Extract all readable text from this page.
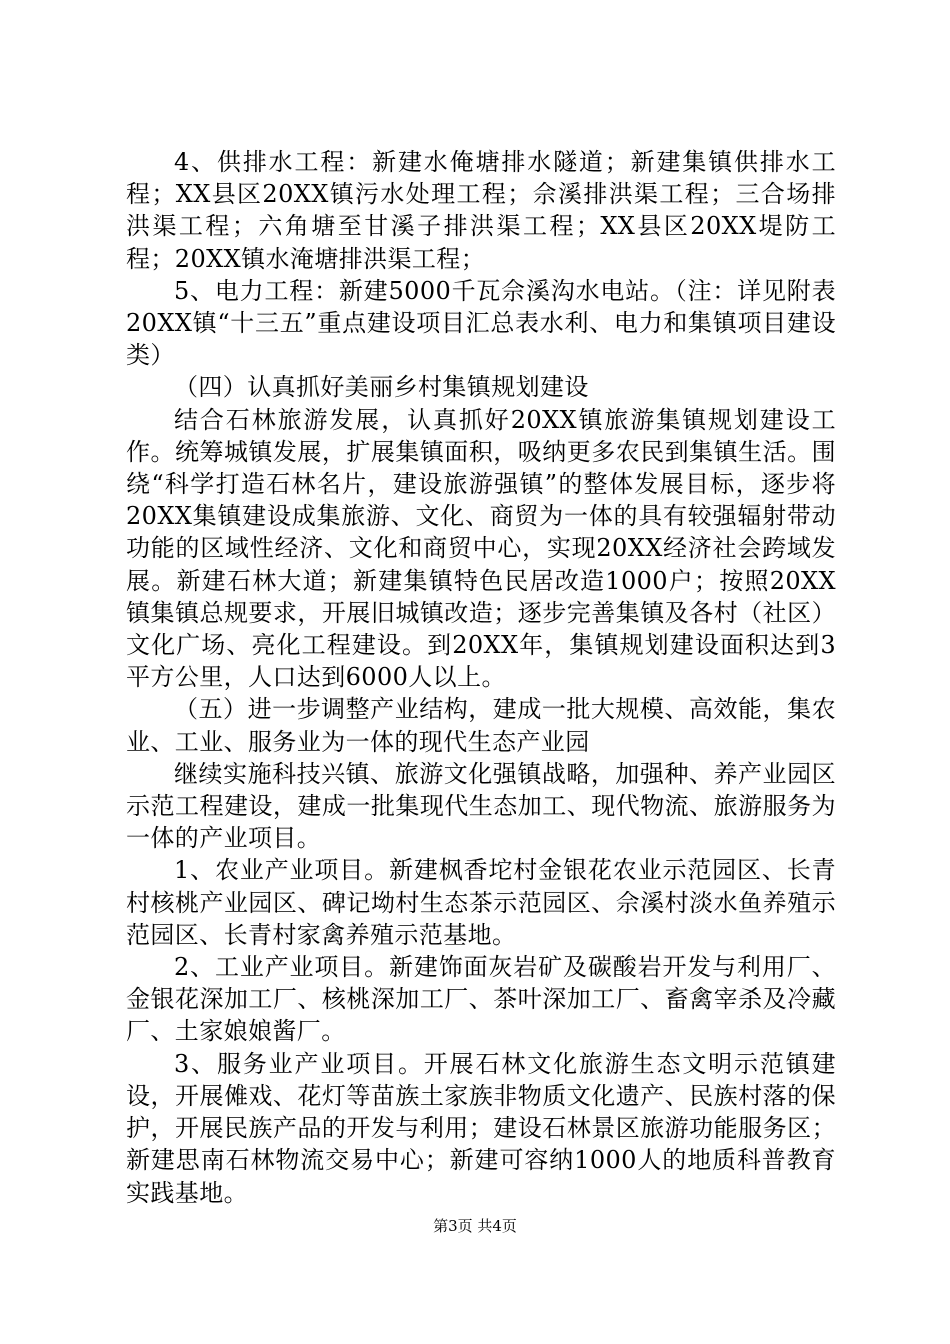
4、供排水工程：新建水俺塘排水隧道；新建集镇供排水工程；XX县区20XX镇污水处理工程；佘溪排洪渠工程；三合场排洪渠工程；六角塘至甘溪子排洪渠工程；XX县区20XX堤防工程；20XX镇水淹塘排洪渠工程；

5、电力工程：新建5000千瓦佘溪沟水电站。（注：详见附表20XX镇“十三五”重点建设项目汇总表水利、电力和集镇项目建设类）

（四）认真抓好美丽乡村集镇规划建设

结合石林旅游发展，认真抓好20XX镇旅游集镇规划建设工作。统筹城镇发展，扩展集镇面积，吸纳更多农民到集镇生活。围绕“科学打造石林名片，建设旅游强镇”的整体发展目标，逐步将20XX集镇建设成集旅游、文化、商贸为一体的具有较强辐射带动功能的区域性经济、文化和商贸中心，实现20XX经济社会跨域发展。新建石林大道；新建集镇特色民居改造1000户；按照20XX镇集镇总规要求，开展旧城镇改造；逐步完善集镇及各村（社区）文化广场、亮化工程建设。到20XX年，集镇规划建设面积达到3平方公里，人口达到6000人以上。

（五）进一步调整产业结构，建成一批大规模、高效能，集农业、工业、服务业为一体的现代生态产业园

继续实施科技兴镇、旅游文化强镇战略，加强种、养产业园区示范工程建设，建成一批集现代生态加工、现代物流、旅游服务为一体的产业项目。

1、农业产业项目。新建枫香坨村金银花农业示范园区、长青村核桃产业园区、碑记坳村生态茶示范园区、佘溪村淡水鱼养殖示范园区、长青村家禽养殖示范基地。

2、工业产业项目。新建饰面灰岩矿及碳酸岩开发与利用厂、金银花深加工厂、核桃深加工厂、茶叶深加工厂、畜禽宰杀及冷藏厂、土家娘娘酱厂。

3、服务业产业项目。开展石林文化旅游生态文明示范镇建设，开展傩戏、花灯等苗族土家族非物质文化遗产、民族村落的保护，开展民族产品的开发与利用；建设石林景区旅游功能服务区；新建思南石林物流交易中心；新建可容纳1000人的地质科普教育实践基地。

第3页 共4页
